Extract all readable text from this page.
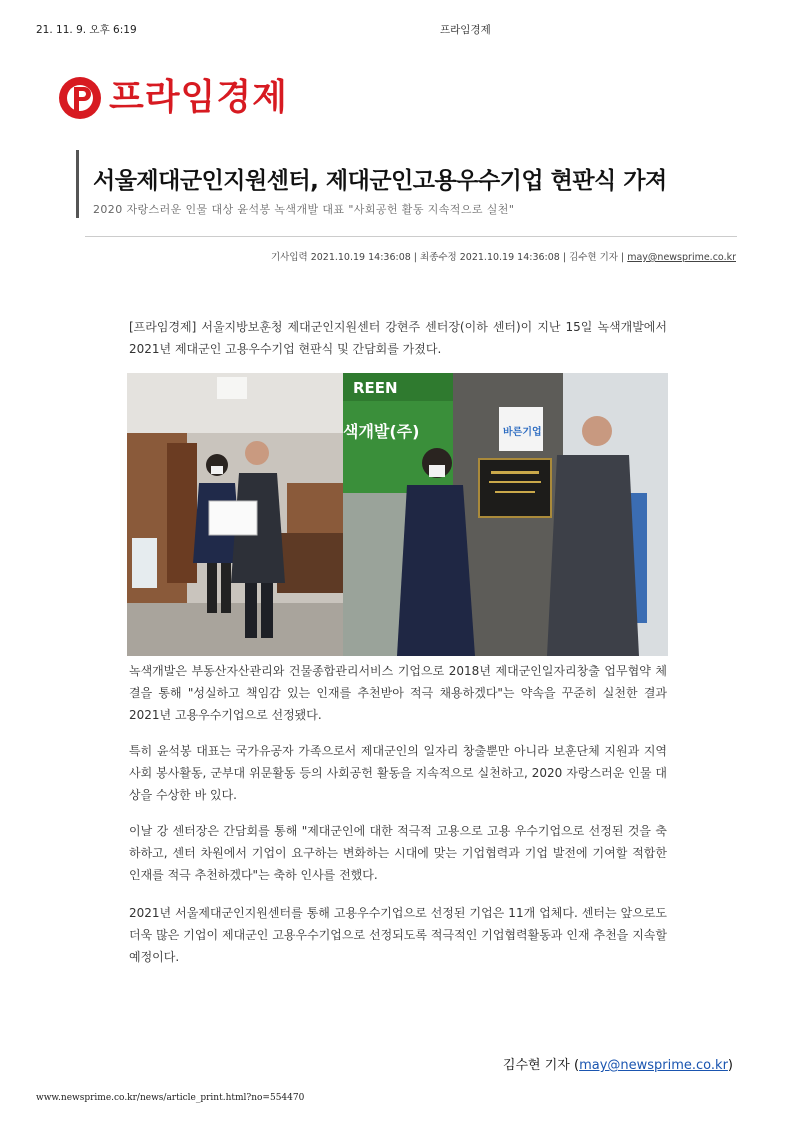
21. 11. 9. 오후 6:19	프라임경제
프라임경제
서울제대군인지원센터, 제대군인고용우수기업 현판식 가져
2020 자랑스러운 인물 대상 윤석봉 녹색개발 대표 "사회공헌 활동 지속적으로 실천"
기사입력 2021.10.19 14:36:08 | 최종수정 2021.10.19 14:36:08 | 김수현 기자 | may@newsprime.co.kr
[프라임경제] 서울지방보훈청 제대군인지원센터 강현주 센터장(이하 센터)이 지난 15일 녹색개발에서 2021년 제대군인 고용우수기업 현판식 및 간담회를 가졌다.
REEN
색개발(주)	바른기업
녹색개발은 부동산자산관리와 건물종합관리서비스 기업으로 2018년 제대군인일자리창출 업무협약 체결을 통해 "성실하고 책임감 있는 인재를 추천받아 적극 채용하겠다"는 약속을 꾸준히 실천한 결과 2021년 고용우수기업으로 선정됐다.
특히 윤석봉 대표는 국가유공자 가족으로서 제대군인의 일자리 창출뿐만 아니라 보훈단체 지원과 지역사회 봉사활동, 군부대 위문활동 등의 사회공헌 활동을 지속적으로 실천하고, 2020 자랑스러운 인물 대상을 수상한 바 있다.
이날 강 센터장은 간담회를 통해 "제대군인에 대한 적극적 고용으로 고용 우수기업으로 선정된 것을 축하하고, 센터 차원에서 기업이 요구하는 변화하는 시대에 맞는 기업협력과 기업 발전에 기여할 적합한 인재를 적극 추천하겠다"는 축하 인사를 전했다.
2021년 서울제대군인지원센터를 통해 고용우수기업으로 선정된 기업은 11개 업체다. 센터는 앞으로도 더욱 많은 기업이 제대군인 고용우수기업으로 선정되도록 적극적인 기업협력활동과 인재 추천을 지속할 예정이다.
김수현 기자 (may@newsprime.co.kr)
www.newsprime.co.kr/news/article_print.html?no=554470
